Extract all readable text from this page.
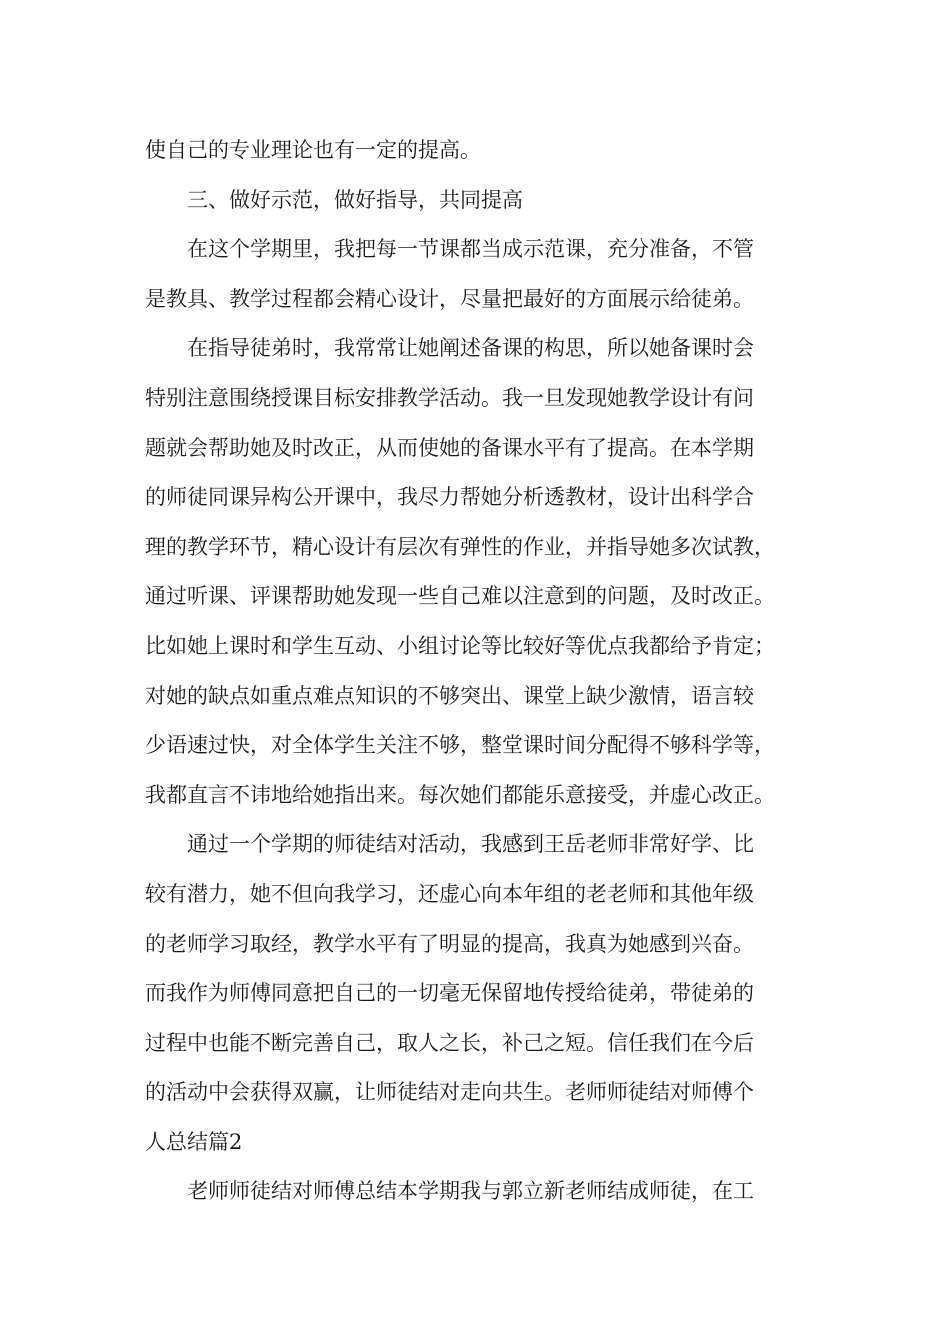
使自己的专业理论也有一定的提高。
三、做好示范，做好指导，共同提高
在这个学期里，我把每一节课都当成示范课，充分准备，不管
是教具、教学过程都会精心设计，尽量把最好的方面展示给徒弟。
在指导徒弟时，我常常让她阐述备课的构思，所以她备课时会
特别注意围绕授课目标安排教学活动。我一旦发现她教学设计有问
题就会帮助她及时改正，从而使她的备课水平有了提高。在本学期
的师徒同课异构公开课中，我尽力帮她分析透教材，设计出科学合
理的教学环节，精心设计有层次有弹性的作业，并指导她多次试教，
通过听课、评课帮助她发现一些自己难以注意到的问题，及时改正。
比如她上课时和学生互动、小组讨论等比较好等优点我都给予肯定；
对她的缺点如重点难点知识的不够突出、课堂上缺少激情，语言较
少语速过快，对全体学生关注不够，整堂课时间分配得不够科学等，
我都直言不讳地给她指出来。每次她们都能乐意接受，并虚心改正。
通过一个学期的师徒结对活动，我感到王岳老师非常好学、比
较有潜力，她不但向我学习，还虚心向本年组的老老师和其他年级
的老师学习取经，教学水平有了明显的提高，我真为她感到兴奋。
而我作为师傅同意把自己的一切毫无保留地传授给徒弟，带徒弟的
过程中也能不断完善自己，取人之长，补己之短。信任我们在今后
的活动中会获得双赢，让师徒结对走向共生。老师师徒结对师傅个
人总结篇2
老师师徒结对师傅总结本学期我与郭立新老师结成师徒，在工
